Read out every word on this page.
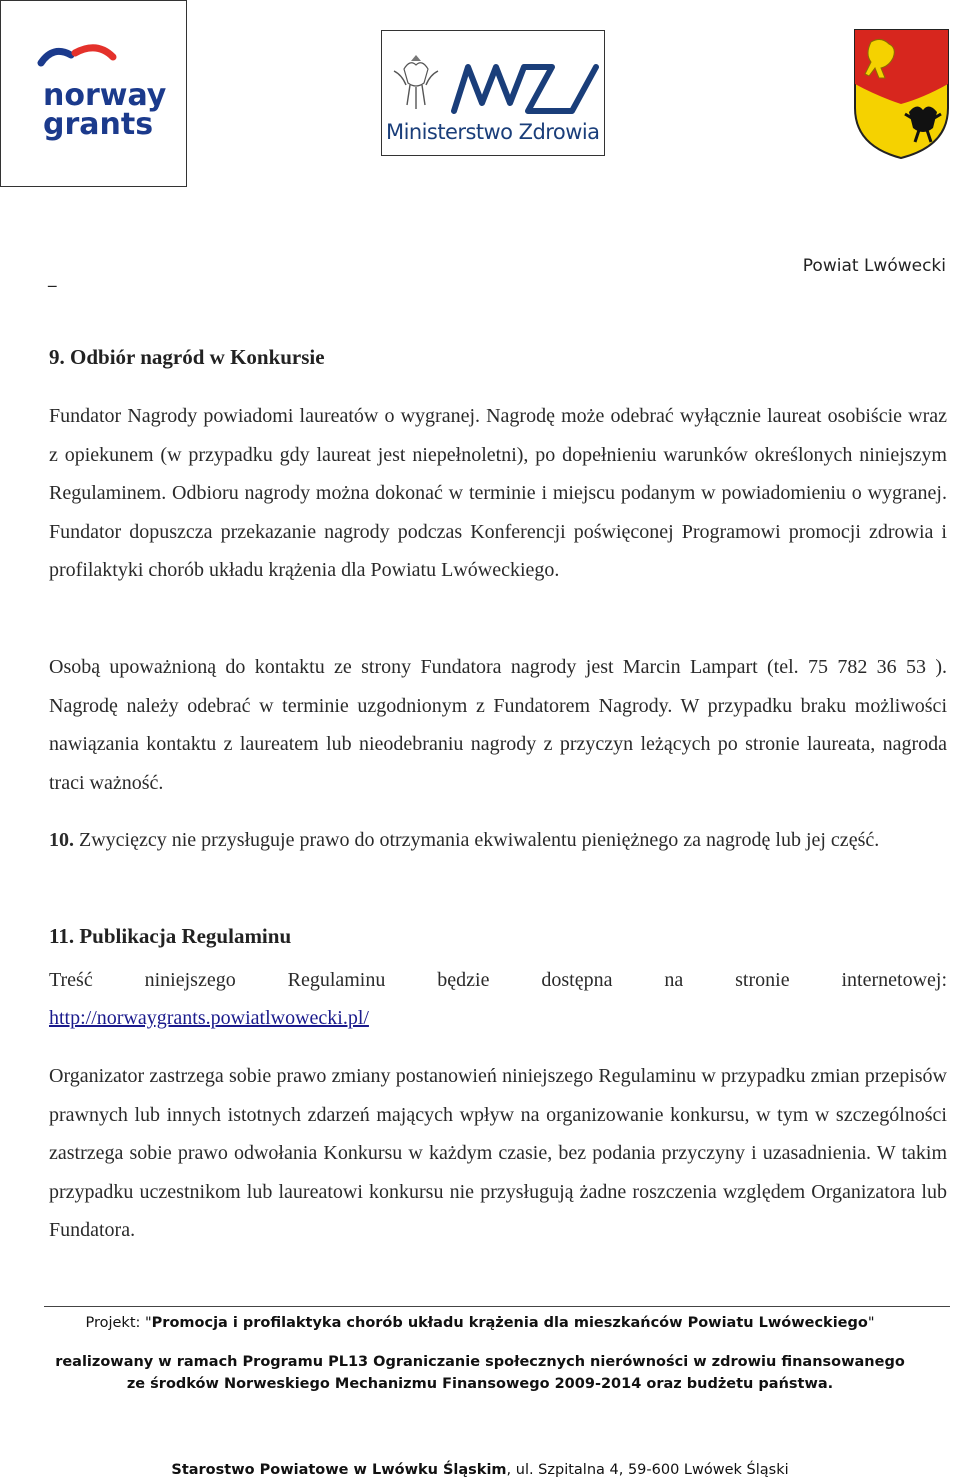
norway
grants	Ministerstwo Zdrowia
_
Powiat Lwówecki
9. Odbiór nagród w Konkursie
Fundator Nagrody powiadomi laureatów o wygranej. Nagrodę może odebrać wyłącznie laureat osobiście wraz z opiekunem (w przypadku gdy laureat jest niepełnoletni), po dopełnieniu warunków określonych niniejszym Regulaminem. Odbioru nagrody można dokonać w terminie i miejscu podanym w powiadomieniu o wygranej. Fundator dopuszcza przekazanie nagrody podczas Konferencji poświęconej Programowi promocji zdrowia i profilaktyki chorób układu krążenia dla Powiatu Lwóweckiego.
Osobą upoważnioną do kontaktu ze strony Fundatora nagrody jest Marcin Lampart (tel. 75 782 36 53 ). Nagrodę należy odebrać w terminie uzgodnionym z Fundatorem Nagrody. W przypadku braku możliwości nawiązania kontaktu z laureatem lub nieodebraniu nagrody z przyczyn leżących po stronie laureata, nagroda traci ważność.
10. Zwycięzcy nie przysługuje prawo do otrzymania ekwiwalentu pieniężnego za nagrodę lub jej część.
11. Publikacja Regulaminu
Treść niniejszego Regulaminu będzie dostępna na stronie internetowej:
http://norwaygrants.powiatlwowecki.pl/
Organizator zastrzega sobie prawo zmiany postanowień niniejszego Regulaminu w przypadku zmian przepisów prawnych lub innych istotnych zdarzeń mających wpływ na organizowanie konkursu, w tym w szczególności zastrzega sobie prawo odwołania Konkursu w każdym czasie, bez podania przyczyny i uzasadnienia. W takim przypadku uczestnikom lub laureatowi konkursu nie przysługują żadne roszczenia względem Organizatora lub Fundatora.
Projekt: "Promocja i profilaktyka chorób układu krążenia dla mieszkańców Powiatu Lwóweckiego"
realizowany w ramach Programu PL13 Ograniczanie społecznych nierówności w zdrowiu finansowanego
ze środków Norweskiego Mechanizmu Finansowego 2009-2014 oraz budżetu państwa.
Starostwo Powiatowe w Lwówku Śląskim, ul. Szpitalna 4, 59-600 Lwówek Śląski
